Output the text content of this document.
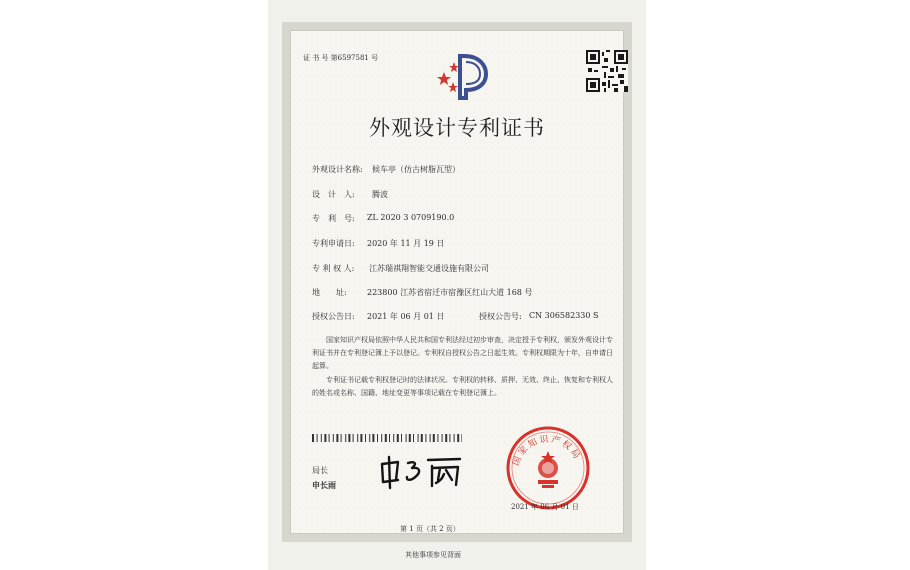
证 书 号 第6597581 号
外观设计专利证书
外观设计名称: 候车亭（仿古树脂瓦型）
设　计　人: 腾波
专　利　号: ZL 2020 3 0709190.0
专利申请日: 2020 年 11 月 19 日
专 利 权 人: 江苏瑞祺翔智能交通设施有限公司
地　　址:	223800 江苏省宿迁市宿豫区红山大道 168 号
授权公告日: 2021 年 06 月 01 日	授权公告号: CN 306582330 S
国家知识产权局依照中华人民共和国专利法经过初步审查，决定授予专利权，颁发外观设计专利证书并在专利登记簿上予以登记。专利权自授权公告之日起生效。专利权期限为十年，自申请日起算。
专利证书记载专利权登记时的法律状况。专利权的转移、质押、无效、终止、恢复和专利权人的姓名或名称、国籍、地址变更等事项记载在专利登记簿上。
局长
申长雨
国家知识产权局
2021 年 06 月 01 日
第 1 页（共 2 页）
其他事项参见背面
